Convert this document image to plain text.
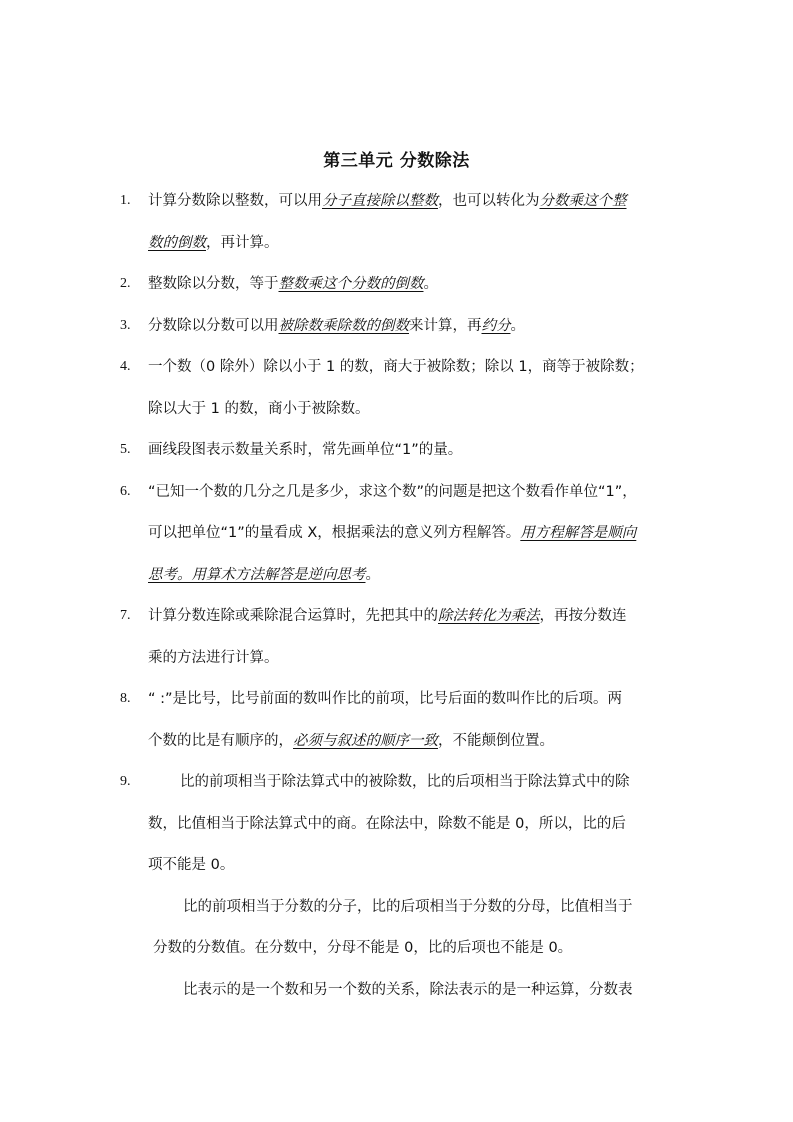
第三单元 分数除法
1. 计算分数除以整数，可以用分子直接除以整数，也可以转化为分数乘这个整
数的倒数，再计算。
2. 整数除以分数，等于整数乘这个分数的倒数。
3. 分数除以分数可以用被除数乘除数的倒数来计算，再约分。
4. 一个数（0 除外）除以小于 1 的数，商大于被除数；除以 1，商等于被除数；
除以大于 1 的数，商小于被除数。
5. 画线段图表示数量关系时，常先画单位“1”的量。
6. “已知一个数的几分之几是多少，求这个数”的问题是把这个数看作单位“1”，
可以把单位“1”的量看成 X，根据乘法的意义列方程解答。用方程解答是顺向
思考。用算术方法解答是逆向思考。
7. 计算分数连除或乘除混合运算时，先把其中的除法转化为乘法，再按分数连
乘的方法进行计算。
8. “ :”是比号，比号前面的数叫作比的前项，比号后面的数叫作比的后项。两
个数的比是有顺序的，必须与叙述的顺序一致，不能颠倒位置。
9.	比的前项相当于除法算式中的被除数，比的后项相当于除法算式中的除
数，比值相当于除法算式中的商。在除法中，除数不能是 0，所以，比的后
项不能是 0。
比的前项相当于分数的分子，比的后项相当于分数的分母，比值相当于
分数的分数值。在分数中，分母不能是 0，比的后项也不能是 0。
比表示的是一个数和另一个数的关系，除法表示的是一种运算，分数表
